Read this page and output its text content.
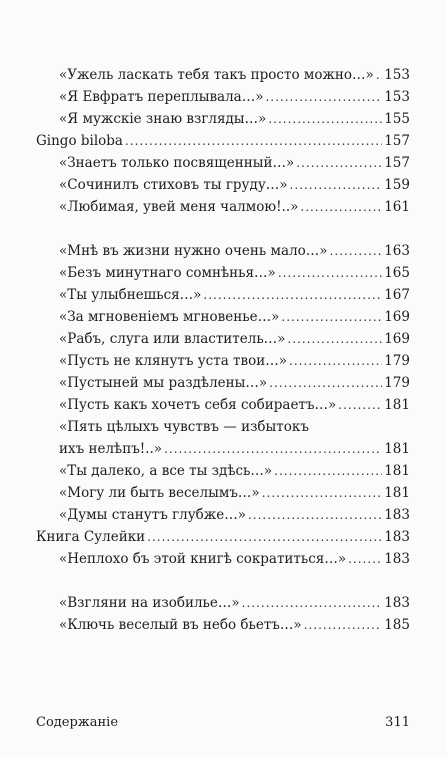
«Ужель ласкать тебя такъ просто можно…» ..... 153
«Я Евфратъ переплывала…» .....	153
«Я мужскіе знаю взгляды…» .....	155
Gingo biloba .....	157
«Знаетъ только посвященный…» .....	157
«Сочинилъ стиховъ ты груду…» .....	159
«Любимая, увей меня чалмою!..» .....	161
«Мнѣ въ жизни нужно очень мало…» .....	163
«Безъ минутнаго сомнѣнья…» .....	165
«Ты улыбнешься…» .....	167
«За мгновеніемъ мгновенье…» .....	169
«Рабъ, слуга или властитель…» .....	169
«Пусть не клянутъ уста твои…» .....	179
«Пустыней мы раздѣлены…» .....	179
«Пусть какъ хочетъ себя собираетъ…» .....	181
«Пять цѣлыхъ чувствъ — избытокъ
ихъ нелѣпъ!..» .....	181
«Ты далеко, а все ты здѣсь…» .....	181
«Могу ли быть веселымъ…» .....	181
«Думы станутъ глубже…» .....	183
Книга Сулейки .....	183
«Неплохо бъ этой книгѣ сократиться…» .....	183
«Взгляни на изобилье…» .....	183
«Ключь веселый въ небо бьетъ…» .....	185
Содержаніе	311
